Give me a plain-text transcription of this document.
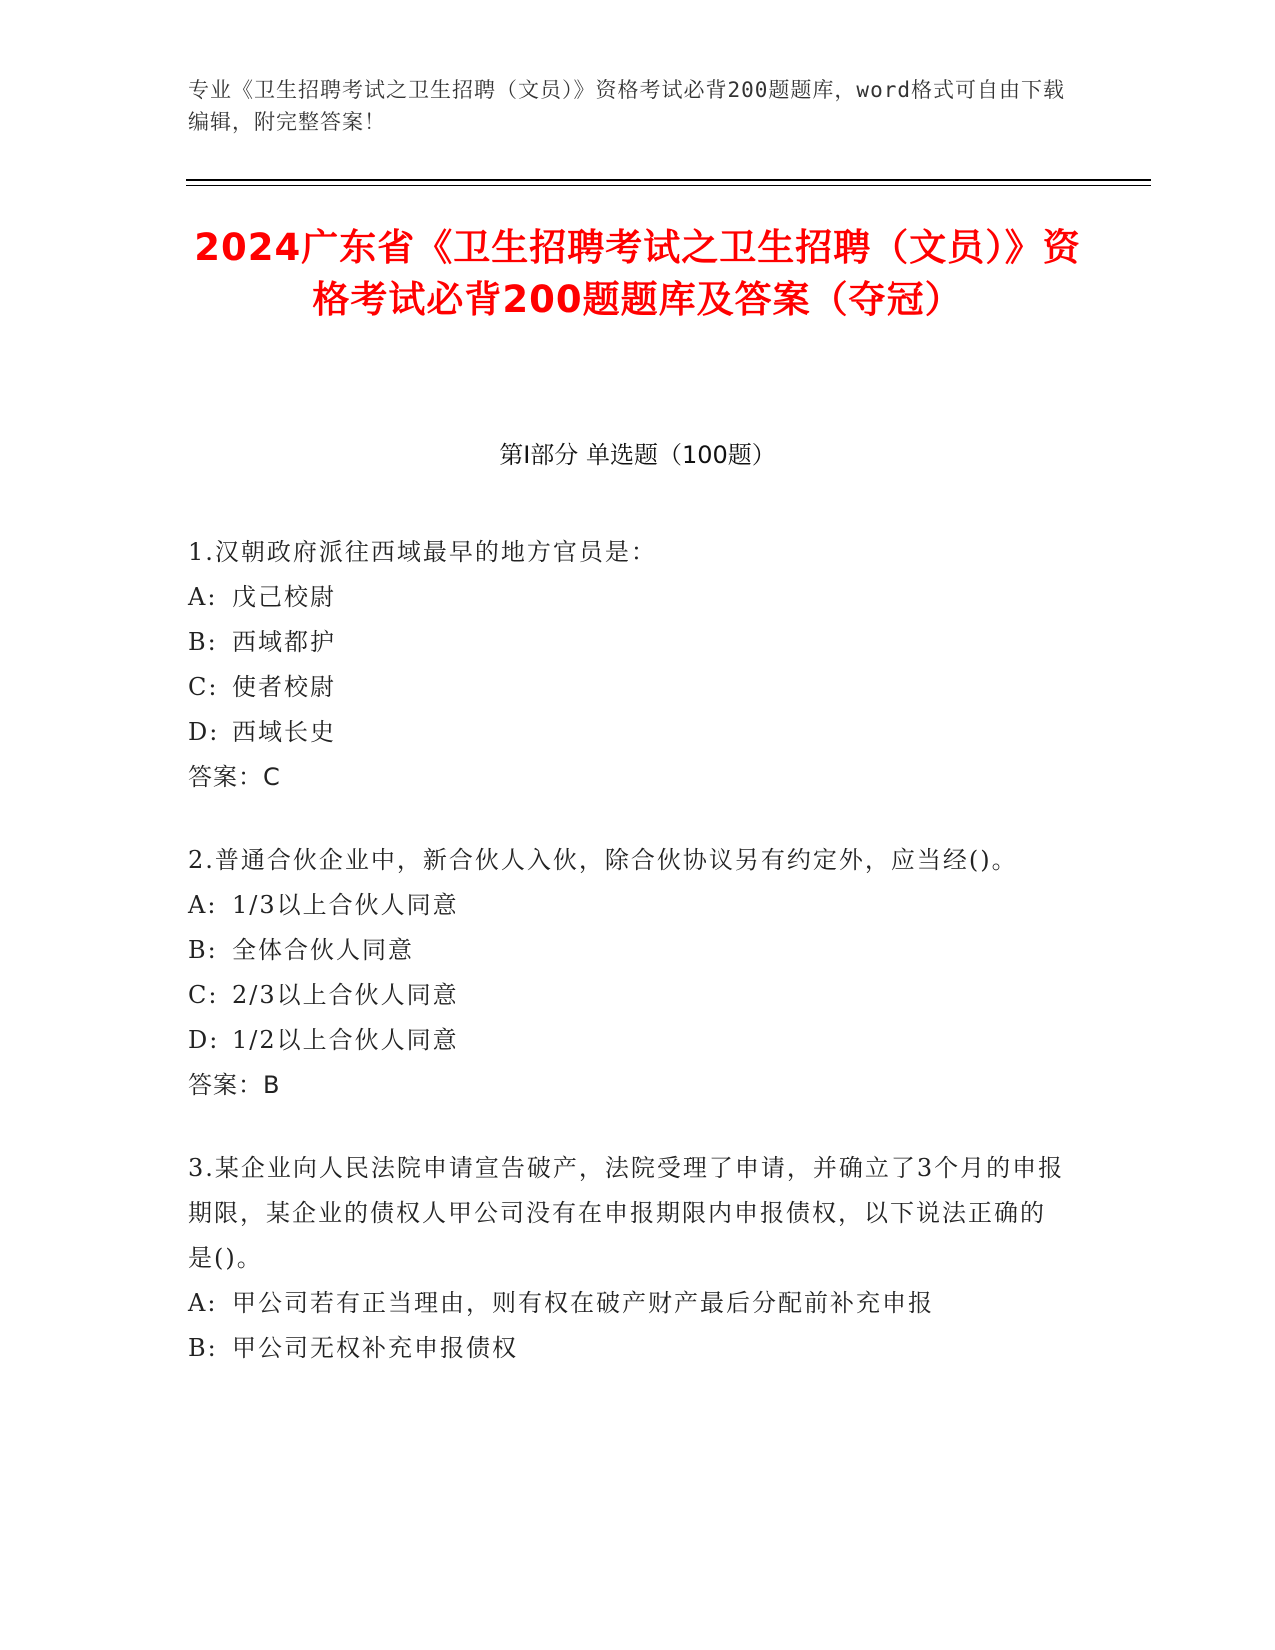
专业《卫生招聘考试之卫生招聘（文员）》资格考试必背200题题库，word格式可自由下载编辑，附完整答案！
2024广东省《卫生招聘考试之卫生招聘（文员）》资格考试必背200题题库及答案（夺冠）
第I部分 单选题（100题）
1.汉朝政府派往西域最早的地方官员是：
A: 戊己校尉
B: 西域都护
C: 使者校尉
D: 西域长史
答案：C
2.普通合伙企业中，新合伙人入伙，除合伙协议另有约定外，应当经()。
A: 1/3以上合伙人同意
B: 全体合伙人同意
C: 2/3以上合伙人同意
D: 1/2以上合伙人同意
答案：B
3.某企业向人民法院申请宣告破产，法院受理了申请，并确立了3个月的申报期限，某企业的债权人甲公司没有在申报期限内申报债权，以下说法正确的是()。
A: 甲公司若有正当理由，则有权在破产财产最后分配前补充申报
B: 甲公司无权补充申报债权
